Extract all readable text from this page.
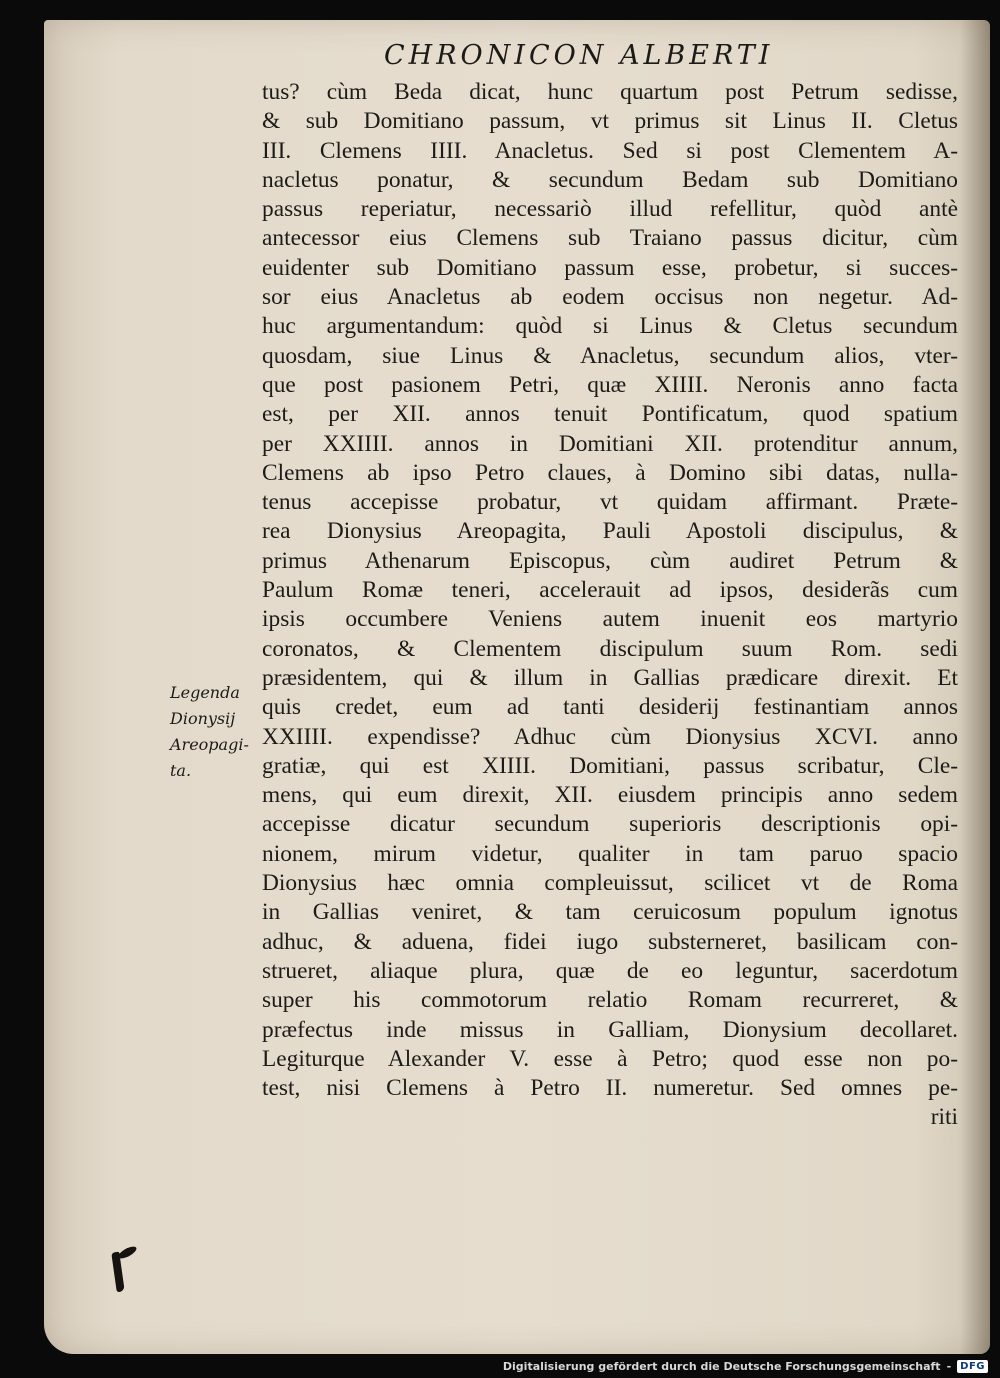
CHRONICON ALBERTI
tus? cùm Beda dicat, hunc quartum post Petrum sedisse,
& sub Domitiano passum, vt primus sit Linus II. Cletus
III. Clemens IIII. Anacletus. Sed si post Clementem A-
nacletus ponatur, & secundum Bedam sub Domitiano
passus reperiatur, necessariò illud refellitur, quòd antè
antecessor eius Clemens sub Traiano passus dicitur, cùm
euidenter sub Domitiano passum esse, probetur, si succes-
sor eius Anacletus ab eodem occisus non negetur. Ad-
huc argumentandum: quòd si Linus & Cletus secundum
quosdam, siue Linus & Anacletus, secundum alios, vter-
que post pasionem Petri, quæ XIIII. Neronis anno facta
est, per XII. annos tenuit Pontificatum, quod spatium
per XXIIII. annos in Domitiani XII. protenditur annum,
Clemens ab ipso Petro claues, à Domino sibi datas, nulla-
tenus accepisse probatur, vt quidam affirmant. Præte-
rea Dionysius Areopagita, Pauli Apostoli discipulus, &
primus Athenarum Episcopus, cùm audiret Petrum &
Paulum Romæ teneri, accelerauit ad ipsos, desiderãs cum
ipsis occumbere Veniens autem inuenit eos martyrio
coronatos, & Clementem discipulum suum Rom. sedi
præsidentem, qui & illum in Gallias prædicare direxit. Et
quis credet, eum ad tanti desiderij festinantiam annos
XXIIII. expendisse? Adhuc cùm Dionysius XCVI. anno
gratiæ, qui est XIIII. Domitiani, passus scribatur, Cle-
mens, qui eum direxit, XII. eiusdem principis anno sedem
accepisse dicatur secundum superioris descriptionis opi-
nionem, mirum videtur, qualiter in tam paruo spacio
Dionysius hæc omnia compleuissut, scilicet vt de Roma
in Gallias veniret, & tam ceruicosum populum ignotus
adhuc, & aduena, fidei iugo substerneret, basilicam con-
strueret, aliaque plura, quæ de eo leguntur, sacerdotum
super his commotorum relatio Romam recurreret, &
præfectus inde missus in Galliam, Dionysium decollaret.
Legiturque Alexander V. esse à Petro; quod esse non po-
test, nisi Clemens à Petro II. numeretur. Sed omnes pe-
riti
Legenda
Dionysij
Areopagi-
ta.
Digitalisierung gefördert durch die Deutsche Forschungsgemeinschaft - DFG
